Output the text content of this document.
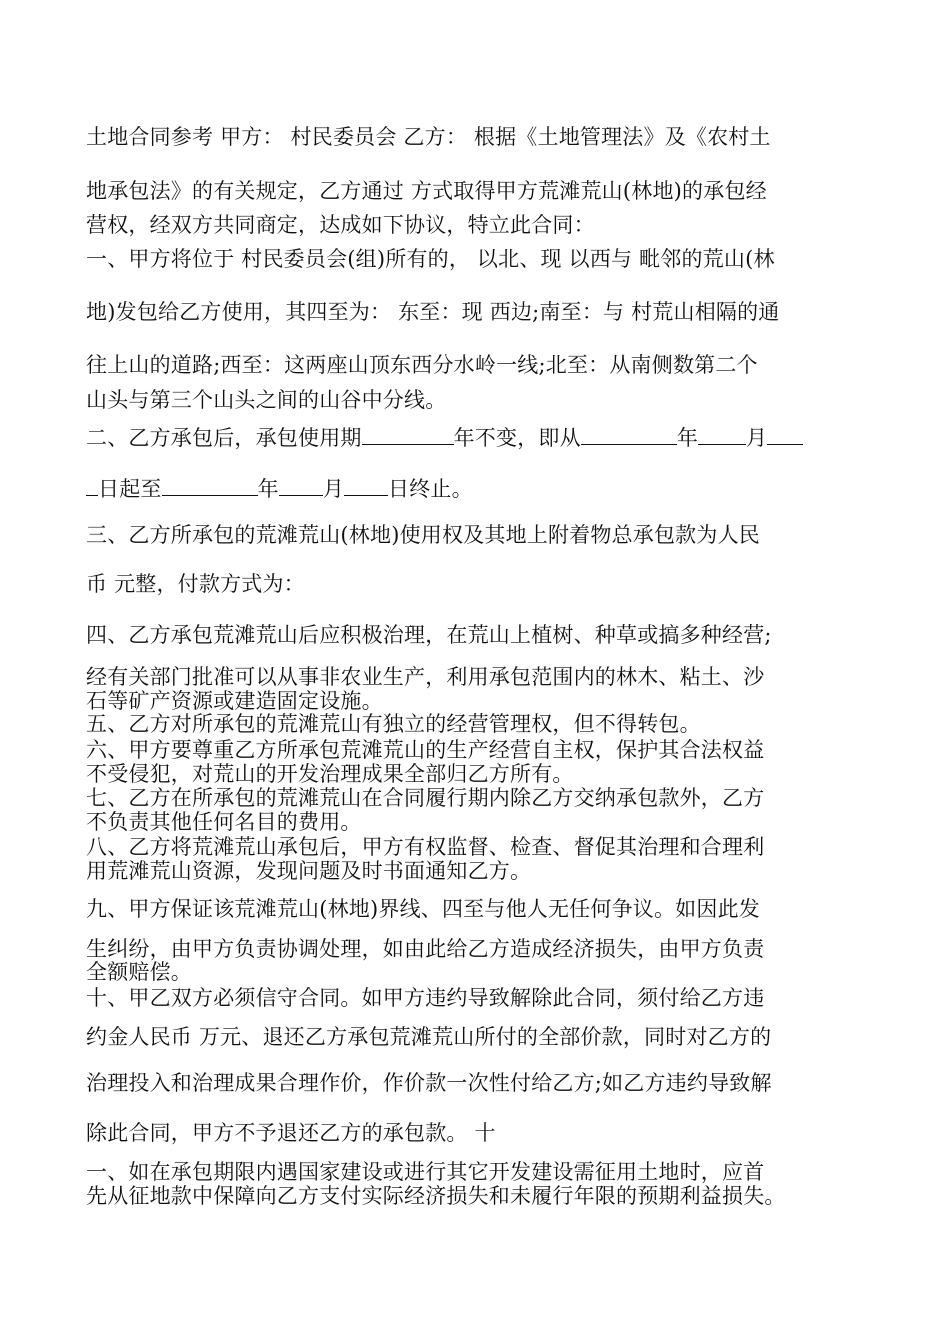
土地合同参考 甲方： 村民委员会 乙方： 根据《土地管理法》及《农村土
地承包法》的有关规定，乙方通过 方式取得甲方荒滩荒山(林地)的承包经
营权，经双方共同商定，达成如下协议，特立此合同：
一、甲方将位于 村民委员会(组)所有的， 以北、现 以西与 毗邻的荒山(林
地)发包给乙方使用，其四至为： 东至：现 西边;南至：与 村荒山相隔的通
往上山的道路;西至：这两座山顶东西分水岭一线;北至：从南侧数第二个
山头与第三个山头之间的山谷中分线。
二、乙方承包后，承包使用期	年不变，即从	年 月
日起至	年 月 日终止。
三、乙方所承包的荒滩荒山(林地)使用权及其地上附着物总承包款为人民
币 元整，付款方式为：
四、乙方承包荒滩荒山后应积极治理，在荒山上植树、种草或搞多种经营;
经有关部门批准可以从事非农业生产，利用承包范围内的林木、粘土、沙
石等矿产资源或建造固定设施。
五、乙方对所承包的荒滩荒山有独立的经营管理权，但不得转包。
六、甲方要尊重乙方所承包荒滩荒山的生产经营自主权，保护其合法权益
不受侵犯，对荒山的开发治理成果全部归乙方所有。
七、乙方在所承包的荒滩荒山在合同履行期内除乙方交纳承包款外，乙方
不负责其他任何名目的费用。
八、乙方将荒滩荒山承包后，甲方有权监督、检查、督促其治理和合理利
用荒滩荒山资源，发现问题及时书面通知乙方。
九、甲方保证该荒滩荒山(林地)界线、四至与他人无任何争议。如因此发
生纠纷，由甲方负责协调处理，如由此给乙方造成经济损失，由甲方负责
全额赔偿。
十、甲乙双方必须信守合同。如甲方违约导致解除此合同，须付给乙方违
约金人民币 万元、退还乙方承包荒滩荒山所付的全部价款，同时对乙方的
治理投入和治理成果合理作价，作价款一次性付给乙方;如乙方违约导致解
除此合同，甲方不予退还乙方的承包款。 十
一、如在承包期限内遇国家建设或进行其它开发建设需征用土地时，应首
先从征地款中保障向乙方支付实际经济损失和未履行年限的预期利益损失。
